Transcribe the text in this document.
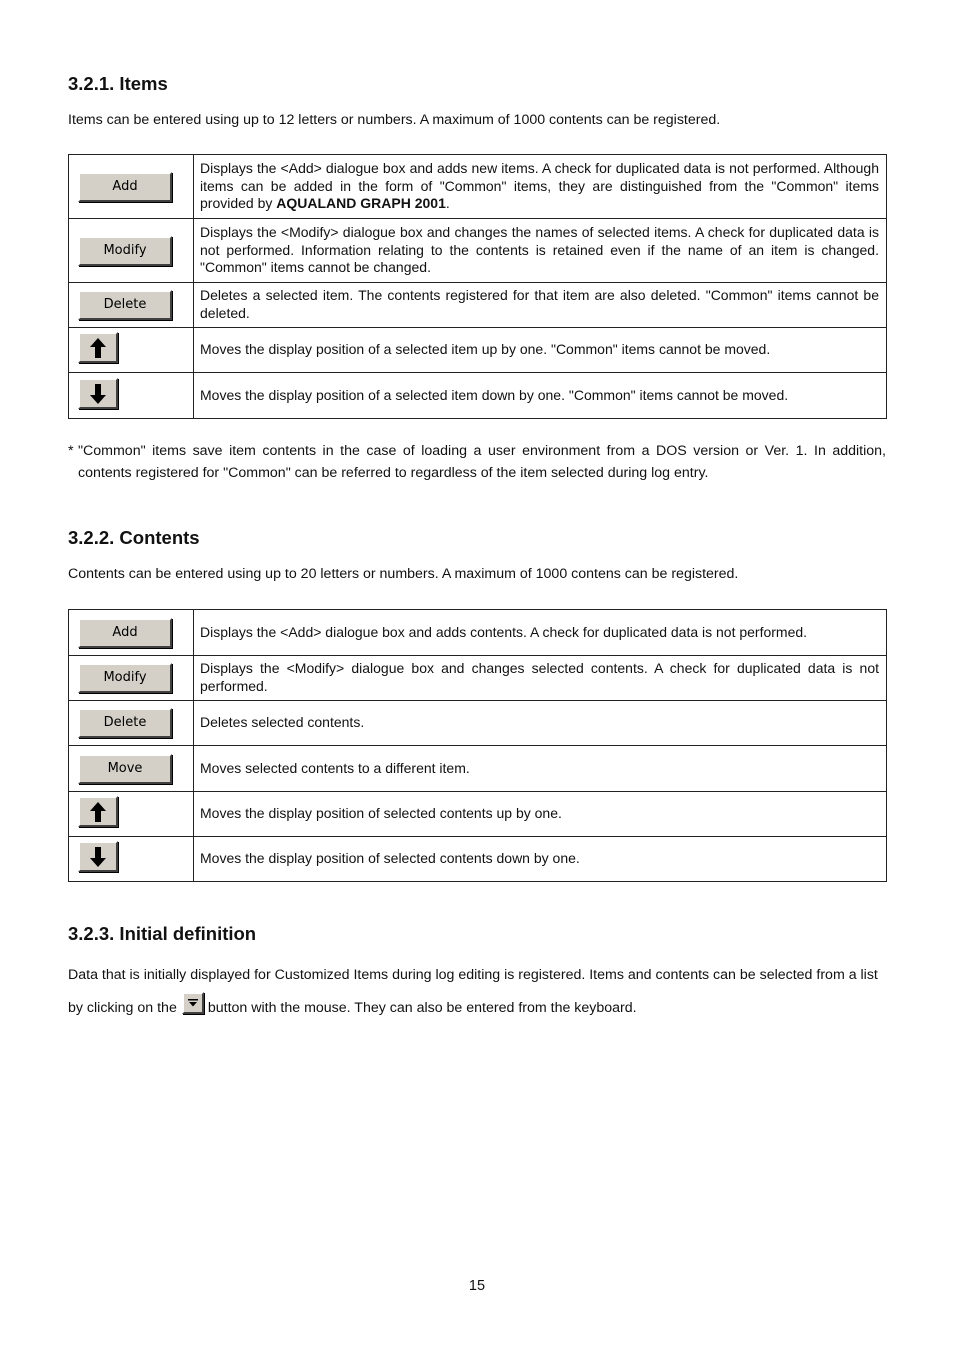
3.2.1. Items

Items can be entered using up to 12 letters or numbers. A maximum of 1000 contents can be registered.

Add	Displays the <Add> dialogue box and adds new items. A check for duplicated data is not performed. Although items can be added in the form of "Common" items, they are distinguished from the "Common" items provided by AQUALAND GRAPH 2001.
Modify	Displays the <Modify> dialogue box and changes the names of selected items. A check for duplicated data is not performed. Information relating to the contents is retained even if the name of an item is changed. "Common" items cannot be changed.
Delete	Deletes a selected item. The contents registered for that item are also deleted. "Common" items cannot be deleted.

	Moves the display position of a selected item up by one. "Common" items cannot be moved.

	Moves the display position of a selected item down by one. "Common" items cannot be moved.
* "Common" items save item contents in the case of loading a user environment from a DOS version or Ver. 1. In addition, contents registered for "Common" can be referred to regardless of the item selected during log entry.
3.2.2. Contents

Contents can be entered using up to 20 letters or numbers. A maximum of 1000 contens can be registered.

Add	Displays the <Add> dialogue box and adds contents. A check for duplicated data is not performed.
Modify	Displays the <Modify> dialogue box and changes selected contents. A check for duplicated data is not performed.
Delete	Deletes selected contents.
Move	Moves selected contents to a different item.

	Moves the display position of selected contents up by one.

	Moves the display position of selected contents down by one.
3.2.3. Initial definition

Data that is initially displayed for Customized Items during log editing is registered. Items and contents can be selected from a list by clicking on the button with the mouse. They can also be entered from the keyboard.

15
